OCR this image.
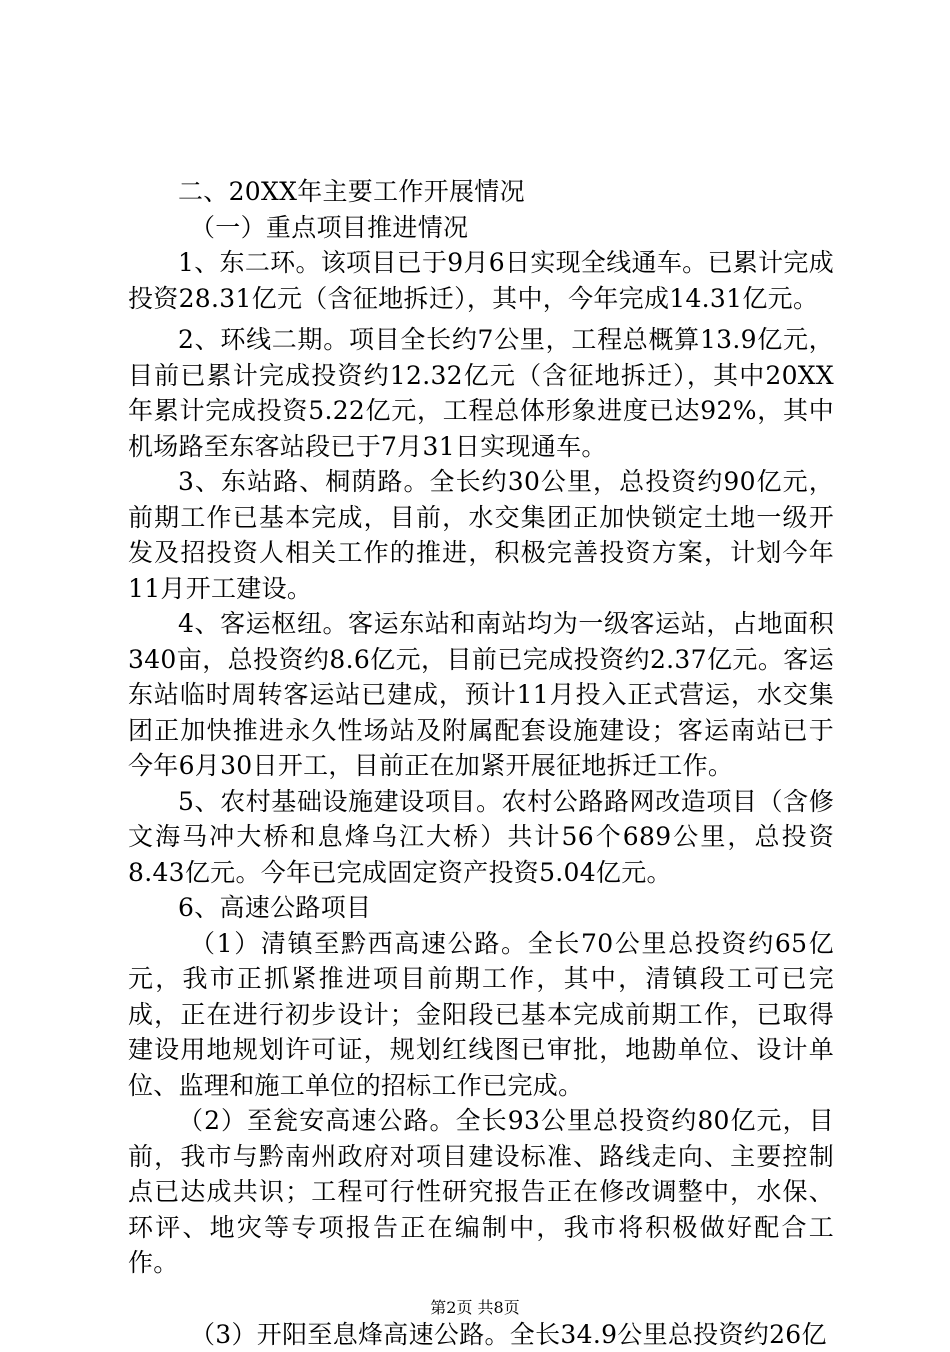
二、20XX年主要工作开展情况

（一）重点项目推进情况

1、东二环。该项目已于9月6日实现全线通车。已累计完成投资28.31亿元（含征地拆迁），其中，今年完成14.31亿元。

2、环线二期。项目全长约7公里，工程总概算13.9亿元，目前已累计完成投资约12.32亿元（含征地拆迁），其中20XX年累计完成投资5.22亿元，工程总体形象进度已达92%，其中机场路至东客站段已于7月31日实现通车。

3、东站路、桐荫路。全长约30公里，总投资约90亿元，前期工作已基本完成，目前，水交集团正加快锁定土地一级开发及招投资人相关工作的推进，积极完善投资方案，计划今年11月开工建设。

4、客运枢纽。客运东站和南站均为一级客运站，占地面积340亩，总投资约8.6亿元，目前已完成投资约2.37亿元。客运东站临时周转客运站已建成，预计11月投入正式营运，水交集团正加快推进永久性场站及附属配套设施建设；客运南站已于今年6月30日开工，目前正在加紧开展征地拆迁工作。

5、农村基础设施建设项目。农村公路路网改造项目（含修文海马冲大桥和息烽乌江大桥）共计56个689公里，总投资8.43亿元。今年已完成固定资产投资5.04亿元。

6、高速公路项目

（1）清镇至黔西高速公路。全长70公里总投资约65亿元，我市正抓紧推进项目前期工作，其中，清镇段工可已完成，正在进行初步设计；金阳段已基本完成前期工作，已取得建设用地规划许可证，规划红线图已审批，地勘单位、设计单位、监理和施工单位的招标工作已完成。

（2）至瓮安高速公路。全长93公里总投资约80亿元，目前，我市与黔南州政府对项目建设标准、路线走向、主要控制点已达成共识；工程可行性研究报告正在修改调整中，水保、环评、地灾等专项报告正在编制中，我市将积极做好配合工作。

（3）开阳至息烽高速公路。全长34.9公里总投资约26亿

第2页 共8页
